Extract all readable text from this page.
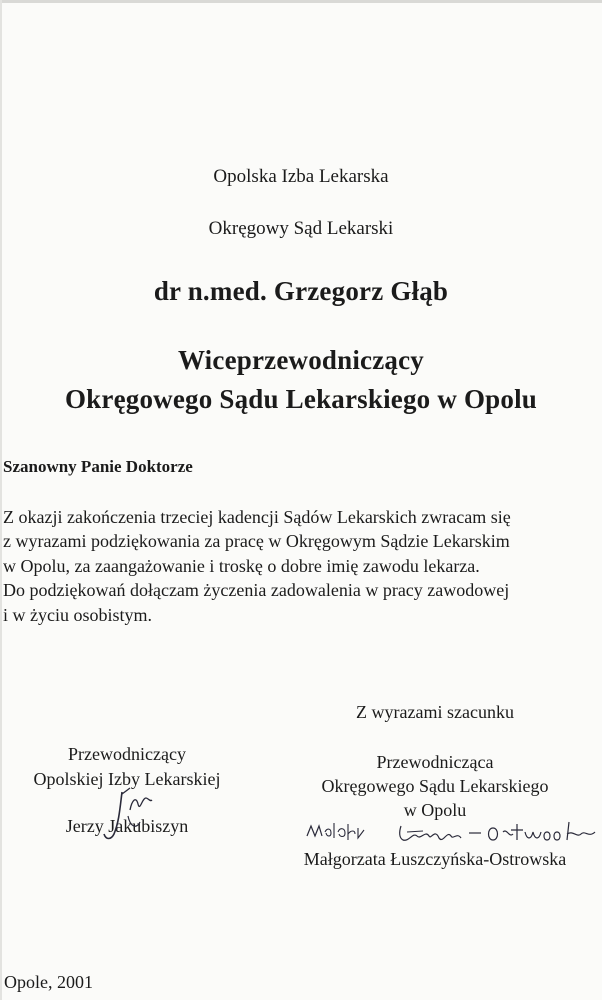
Opolska Izba Lekarska
Okręgowy Sąd Lekarski
dr n.med. Grzegorz Głąb
Wiceprzewodniczący
Okręgowego Sądu Lekarskiego w Opolu
Szanowny Panie Doktorze
Z okazji zakończenia trzeciej kadencji Sądów Lekarskich zwracam się
z wyrazami podziękowania za pracę w Okręgowym Sądzie Lekarskim
w Opolu, za zaangażowanie i troskę o dobre imię zawodu lekarza.
Do podziękowań dołączam życzenia zadowalenia w pracy zawodowej
i w życiu osobistym.
Z wyrazami szacunku
Przewodniczący
Opolskiej Izby Lekarskiej
Jerzy Jakubiszyn
Przewodnicząca
Okręgowego Sądu Lekarskiego
w Opolu
Małgorzata Łuszczyńska-Ostrowska
Opole, 2001
